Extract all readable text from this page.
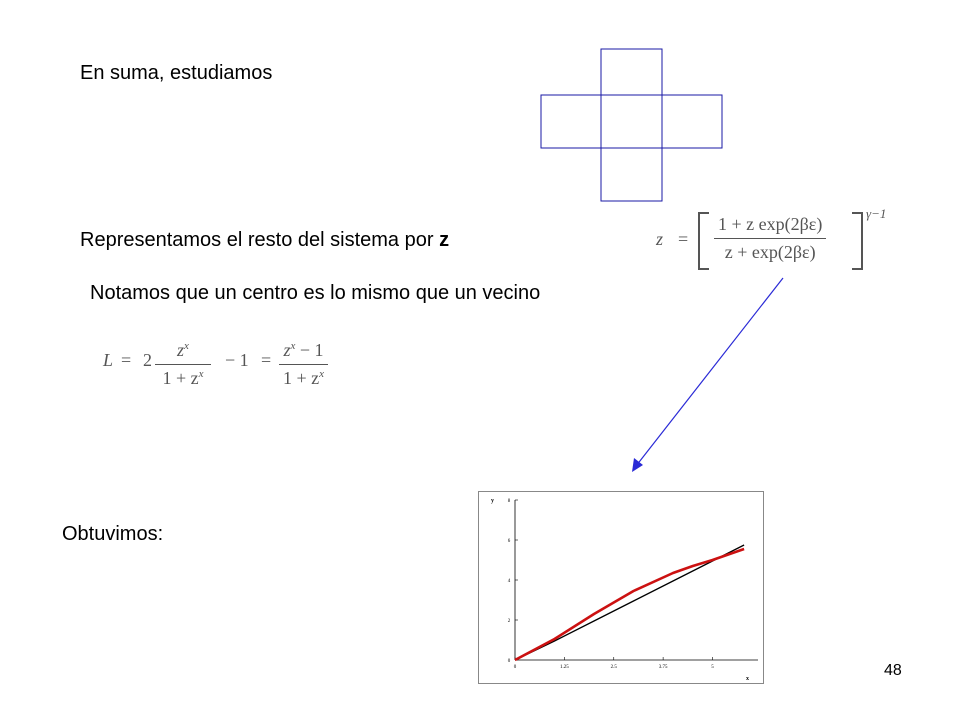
En suma, estudiamos
Representamos el resto del sistema por z	$z = \frac{\text{1 + z exp(2βε)}}{z + \exp(2\beta\varepsilon)}$
γ−1
Notamos que un centro es lo mismo que un vecino
$L = 2 \frac{z^x}{1 + z^x} - 1 = \frac{z^x - 1}{1 + z^x}$
Obtuvimos:
0	1.25	2.5	3.75	5
0
2
4
6
8
x
y
48
